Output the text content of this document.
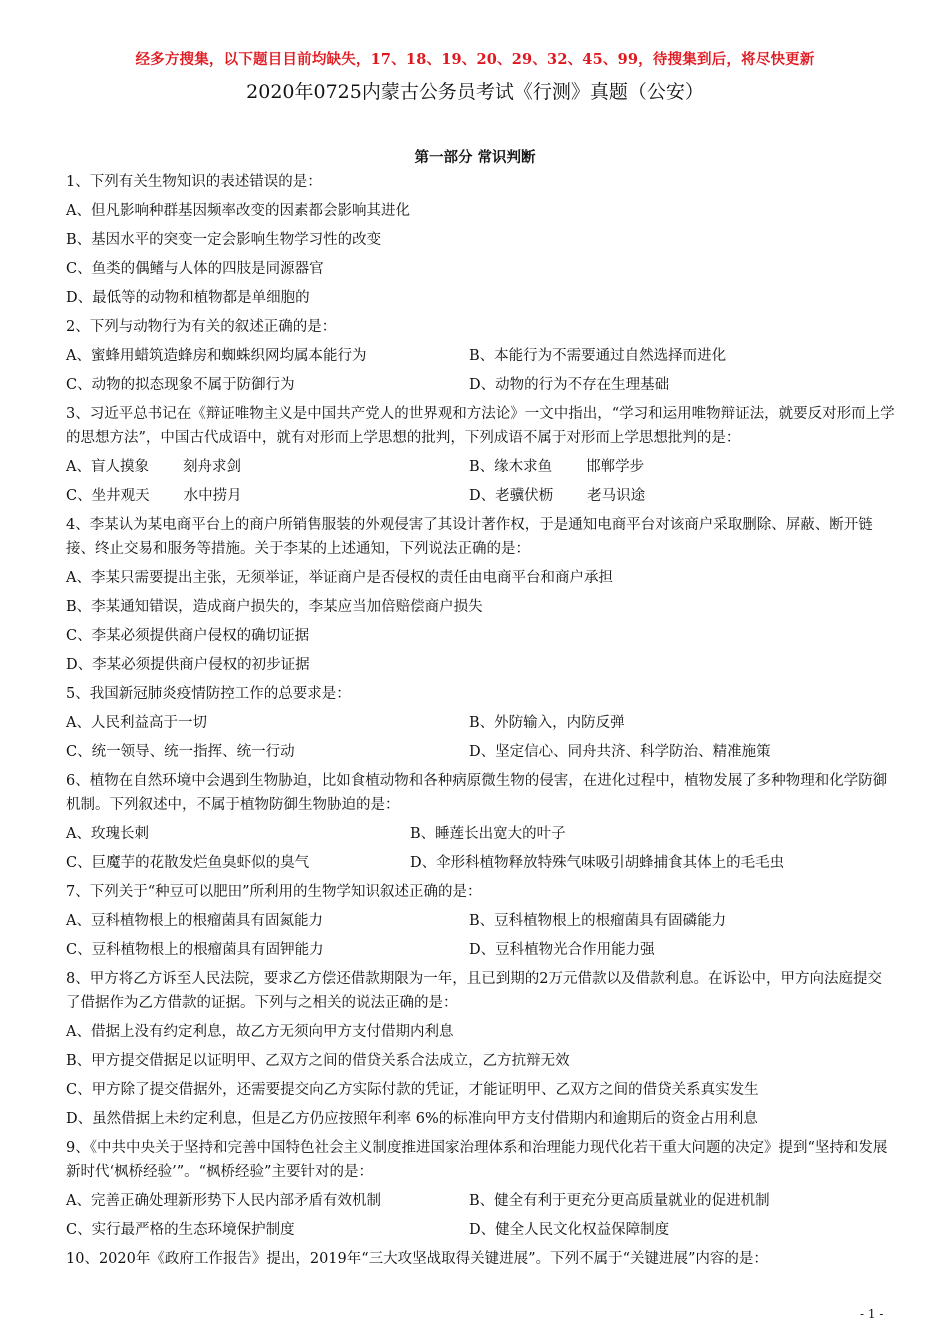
经多方搜集，以下题目目前均缺失，17、18、19、20、29、32、45、99，待搜集到后，将尽快更新
2020年0725内蒙古公务员考试《行测》真题（公安）
第一部分 常识判断
1、下列有关生物知识的表述错误的是：
A、但凡影响种群基因频率改变的因素都会影响其进化
B、基因水平的突变一定会影响生物学习性的改变
C、鱼类的偶鳍与人体的四肢是同源器官
D、最低等的动物和植物都是单细胞的
2、下列与动物行为有关的叙述正确的是：
A、蜜蜂用蜡筑造蜂房和蜘蛛织网均属本能行为	B、本能行为不需要通过自然选择而进化
C、动物的拟态现象不属于防御行为	D、动物的行为不存在生理基础
3、习近平总书记在《辩证唯物主义是中国共产党人的世界观和方法论》一文中指出，“学习和运用唯物辩证法，就要反对形而上学的思想方法”，中国古代成语中，就有对形而上学思想的批判，下列成语不属于对形而上学思想批判的是：
A、盲人摸象 刻舟求剑	B、缘木求鱼 邯郸学步
C、坐井观天 水中捞月	D、老骥伏枥 老马识途
4、李某认为某电商平台上的商户所销售服装的外观侵害了其设计著作权，于是通知电商平台对该商户采取删除、屏蔽、断开链接、终止交易和服务等措施。关于李某的上述通知，下列说法正确的是：
A、李某只需要提出主张，无须举证，举证商户是否侵权的责任由电商平台和商户承担
B、李某通知错误，造成商户损失的，李某应当加倍赔偿商户损失
C、李某必须提供商户侵权的确切证据
D、李某必须提供商户侵权的初步证据
5、我国新冠肺炎疫情防控工作的总要求是：
A、人民利益高于一切	B、外防输入，内防反弹
C、统一领导、统一指挥、统一行动	D、坚定信心、同舟共济、科学防治、精准施策
6、植物在自然环境中会遇到生物胁迫，比如食植动物和各种病原微生物的侵害，在进化过程中，植物发展了多种物理和化学防御机制。下列叙述中，不属于植物防御生物胁迫的是：
A、玫瑰长刺	B、睡莲长出宽大的叶子
C、巨魔芋的花散发烂鱼臭虾似的臭气	D、伞形科植物释放特殊气味吸引胡蜂捕食其体上的毛毛虫
7、下列关于“种豆可以肥田”所利用的生物学知识叙述正确的是：
A、豆科植物根上的根瘤菌具有固氮能力	B、豆科植物根上的根瘤菌具有固磷能力
C、豆科植物根上的根瘤菌具有固钾能力	D、豆科植物光合作用能力强
8、甲方将乙方诉至人民法院，要求乙方偿还借款期限为一年，且已到期的2万元借款以及借款利息。在诉讼中，甲方向法庭提交了借据作为乙方借款的证据。下列与之相关的说法正确的是：
A、借据上没有约定利息，故乙方无须向甲方支付借期内利息
B、甲方提交借据足以证明甲、乙双方之间的借贷关系合法成立，乙方抗辩无效
C、甲方除了提交借据外，还需要提交向乙方实际付款的凭证，才能证明甲、乙双方之间的借贷关系真实发生
D、虽然借据上未约定利息，但是乙方仍应按照年利率 6%的标准向甲方支付借期内和逾期后的资金占用利息
9、《中共中央关于坚持和完善中国特色社会主义制度推进国家治理体系和治理能力现代化若干重大问题的决定》提到“坚持和发展新时代‘枫桥经验’”。“枫桥经验”主要针对的是：
A、完善正确处理新形势下人民内部矛盾有效机制	B、健全有利于更充分更高质量就业的促进机制
C、实行最严格的生态环境保护制度	D、健全人民文化权益保障制度
10、2020年《政府工作报告》提出，2019年“三大攻坚战取得关键进展”。下列不属于“关键进展”内容的是：
- 1 -
